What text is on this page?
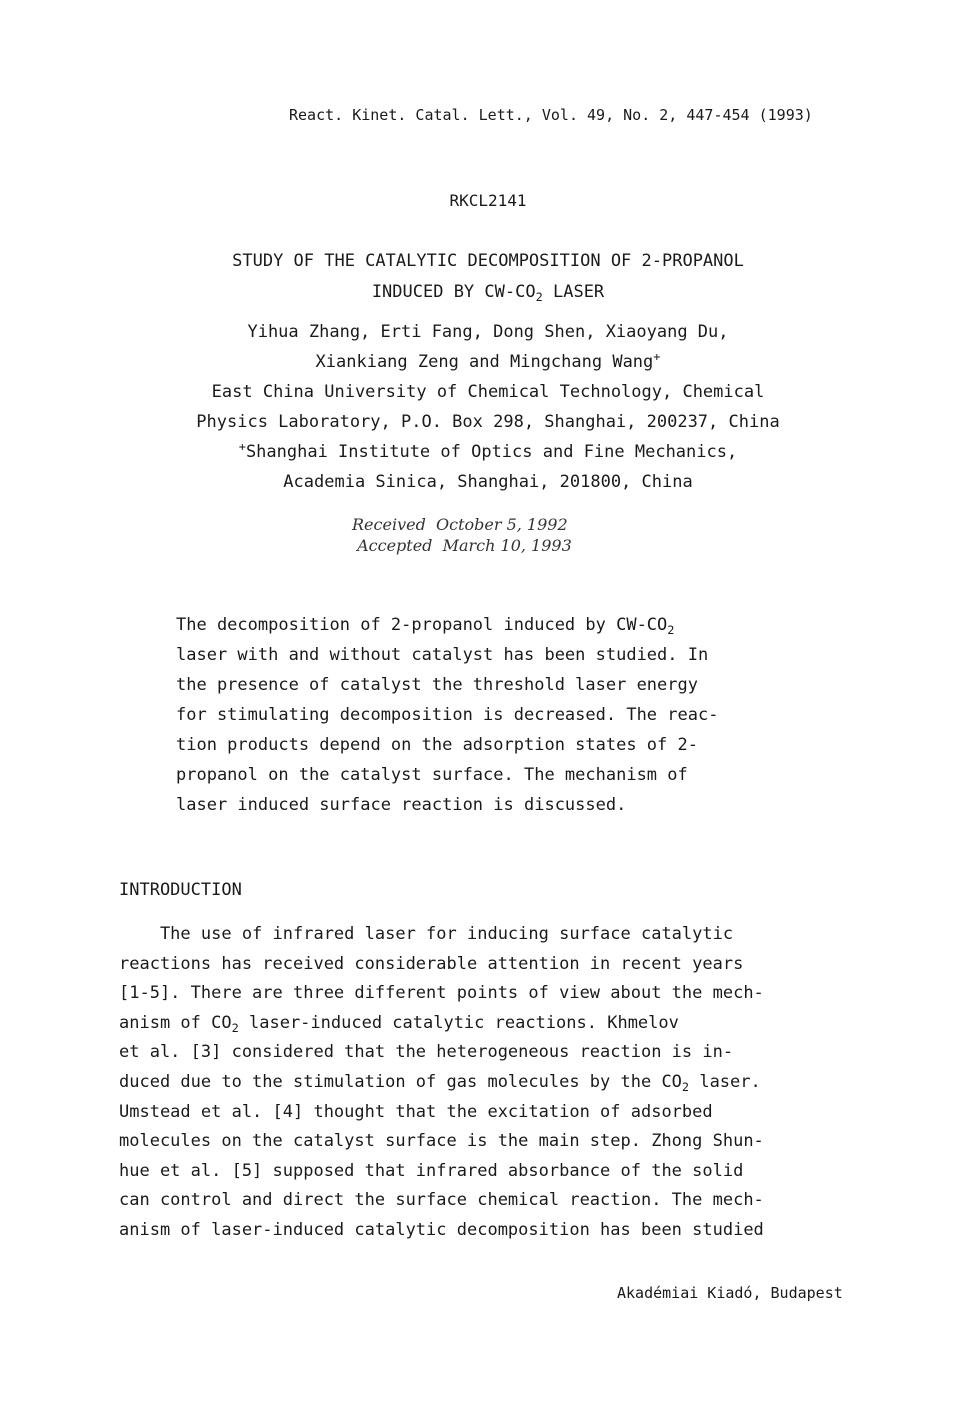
React. Kinet. Catal. Lett., Vol. 49, No. 2, 447-454 (1993)

RKCL2141

STUDY OF THE CATALYTIC DECOMPOSITION OF 2-PROPANOL

INDUCED BY $CW-CO_2$ LASER

Yihua Zhang, Erti Fang, Dong Shen, Xiaoyang Du,

Xiankiang Zeng and Mingchang Wang+

East China University of Chemical Technology, Chemical

Physics Laboratory, P.O. Box 298, Shanghai, 200237, China

+Shanghai Institute of Optics and Fine Mechanics,

Academia Sinica, Shanghai, 201800, China

Received  October 5, 1992
Accepted  March 10, 1993
The decomposition of 2-propanol induced by $CW-CO_2$
laser with and without catalyst has been studied. In
the presence of catalyst the threshold laser energy
for stimulating decomposition is decreased. The reac-
tion products depend on the adsorption states of 2-
propanol on the catalyst surface. The mechanism of
laser induced surface reaction is discussed.

INTRODUCTION

The use of infrared laser for inducing surface catalytic
reactions has received considerable attention in recent years
[1-5]. There are three different points of view about the mech-
anism of $CO_2$ laser-induced catalytic reactions. Khmelov
et al. [3] considered that the heterogeneous reaction is in-
duced due to the stimulation of gas molecules by the $CO_2$ laser.
Umstead et al. [4] thought that the excitation of adsorbed
molecules on the catalyst surface is the main step. Zhong Shun-
hue et al. [5] supposed that infrared absorbance of the solid
can control and direct the surface chemical reaction. The mech-
anism of laser-induced catalytic decomposition has been studied

Akadémiai Kiadó, Budapest
